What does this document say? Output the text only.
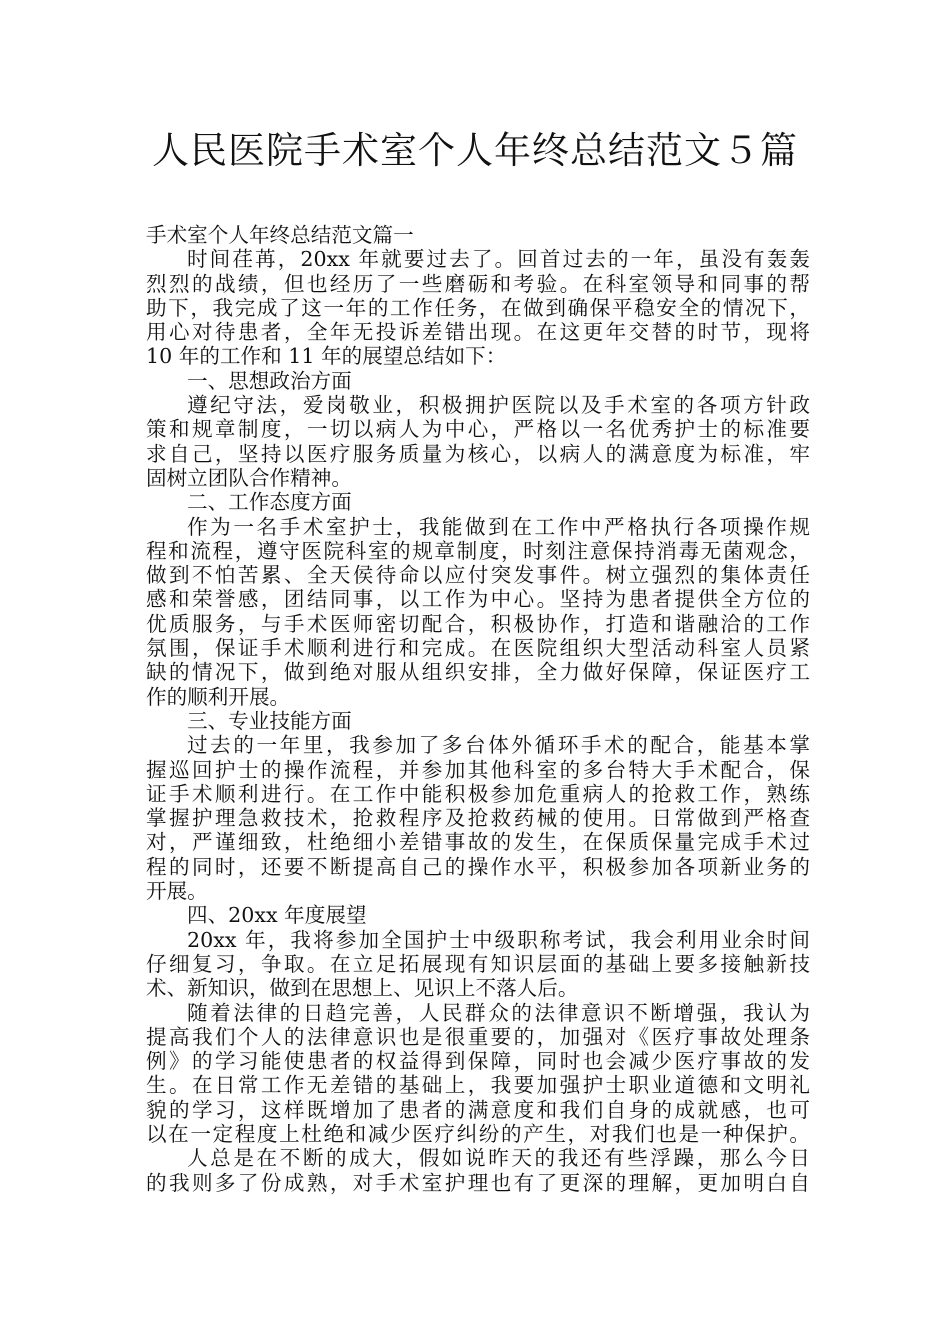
人民医院手术室个人年终总结范文５篇
手术室个人年终总结范文篇一
时间荏苒，20xx 年就要过去了。回首过去的一年，虽没有轰轰
烈烈的战绩，但也经历了一些磨砺和考验。在科室领导和同事的帮
助下，我完成了这一年的工作任务，在做到确保平稳安全的情况下，
用心对待患者，全年无投诉差错出现。在这更年交替的时节，现将
10 年的工作和 11 年的展望总结如下：
一、思想政治方面
遵纪守法，爱岗敬业，积极拥护医院以及手术室的各项方针政
策和规章制度，一切以病人为中心，严格以一名优秀护士的标准要
求自己，坚持以医疗服务质量为核心，以病人的满意度为标准，牢
固树立团队合作精神。
二、工作态度方面
作为一名手术室护士，我能做到在工作中严格执行各项操作规
程和流程，遵守医院科室的规章制度，时刻注意保持消毒无菌观念，
做到不怕苦累、全天侯待命以应付突发事件。树立强烈的集体责任
感和荣誉感，团结同事，以工作为中心。坚持为患者提供全方位的
优质服务，与手术医师密切配合，积极协作，打造和谐融洽的工作
氛围，保证手术顺利进行和完成。在医院组织大型活动科室人员紧
缺的情况下，做到绝对服从组织安排，全力做好保障，保证医疗工
作的顺利开展。
三、专业技能方面
过去的一年里，我参加了多台体外循环手术的配合，能基本掌
握巡回护士的操作流程，并参加其他科室的多台特大手术配合，保
证手术顺利进行。在工作中能积极参加危重病人的抢救工作，熟练
掌握护理急救技术，抢救程序及抢救药械的使用。日常做到严格查
对，严谨细致，杜绝细小差错事故的发生，在保质保量完成手术过
程的同时，还要不断提高自己的操作水平，积极参加各项新业务的
开展。
四、20xx 年度展望
20xx 年，我将参加全国护士中级职称考试，我会利用业余时间
仔细复习，争取。在立足拓展现有知识层面的基础上要多接触新技
术、新知识，做到在思想上、见识上不落人后。
随着法律的日趋完善，人民群众的法律意识不断增强，我认为
提高我们个人的法律意识也是很重要的，加强对《医疗事故处理条
例》的学习能使患者的权益得到保障，同时也会减少医疗事故的发
生。在日常工作无差错的基础上，我要加强护士职业道德和文明礼
貌的学习，这样既增加了患者的满意度和我们自身的成就感，也可
以在一定程度上杜绝和减少医疗纠纷的产生，对我们也是一种保护。
人总是在不断的成大，假如说昨天的我还有些浮躁，那么今日
的我则多了份成熟，对手术室护理也有了更深的理解，更加明白自
